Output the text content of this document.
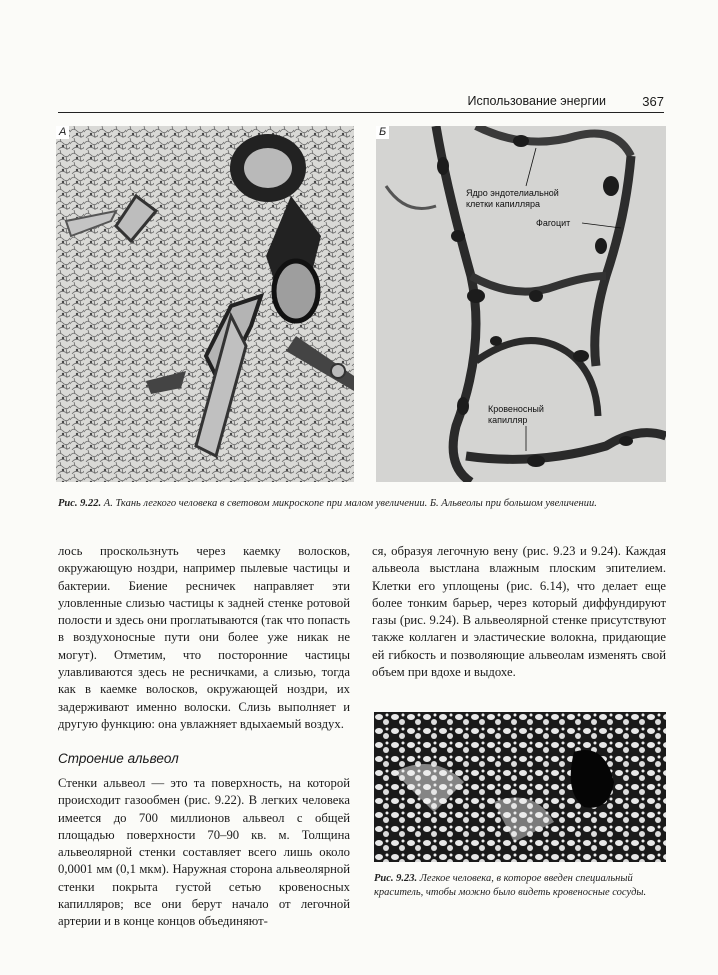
Использование энергии	367
А	Б
Ядро эндотелиальной клетки капилляра
Фагоцит
Кровеносный капилляр
Рис. 9.22. А. Ткань легкого человека в световом микроскопе при малом увеличении. Б. Альвеолы при большом увеличении.

лось проскользнуть через каемку волосков, окружающую ноздри, например пылевые частицы и бактерии. Биение ресничек направляет эти уловленные слизью частицы к задней стенке ротовой полости и здесь они проглатываются (так что попасть в воздухоносные пути они более уже никак не могут). Отметим, что посторонние частицы улавливаются здесь не ресничками, а слизью, тогда как в каемке волосков, окружающей ноздри, их задерживают именно волоски. Слизь выполняет и другую функцию: она увлажняет вдыхаемый воздух.

Строение альвеол

Стенки альвеол — это та поверхность, на которой происходит газообмен (рис. 9.22). В легких человека имеется до 700 миллионов альвеол с общей площадью поверхности 70–90 кв. м. Толщина альвеолярной стенки составляет всего лишь около 0,0001 мм (0,1 мкм). Наружная сторона альвеолярной стенки покрыта густой сетью кровеносных капилляров; все они берут начало от легочной артерии и в конце концов объединяют-

ся, образуя легочную вену (рис. 9.23 и 9.24). Каждая альвеола выстлана влажным плоским эпителием. Клетки его уплощены (рис. 6.14), что делает еще более тонким барьер, через который диффундируют газы (рис. 9.24). В альвеолярной стенке присутствуют также коллаген и эластические волокна, придающие ей гибкость и позволяющие альвеолам изменять свой объем при вдохе и выдохе.

Рис. 9.23. Легкое человека, в которое введен специальный краситель, чтобы можно было видеть кровеносные сосуды.
